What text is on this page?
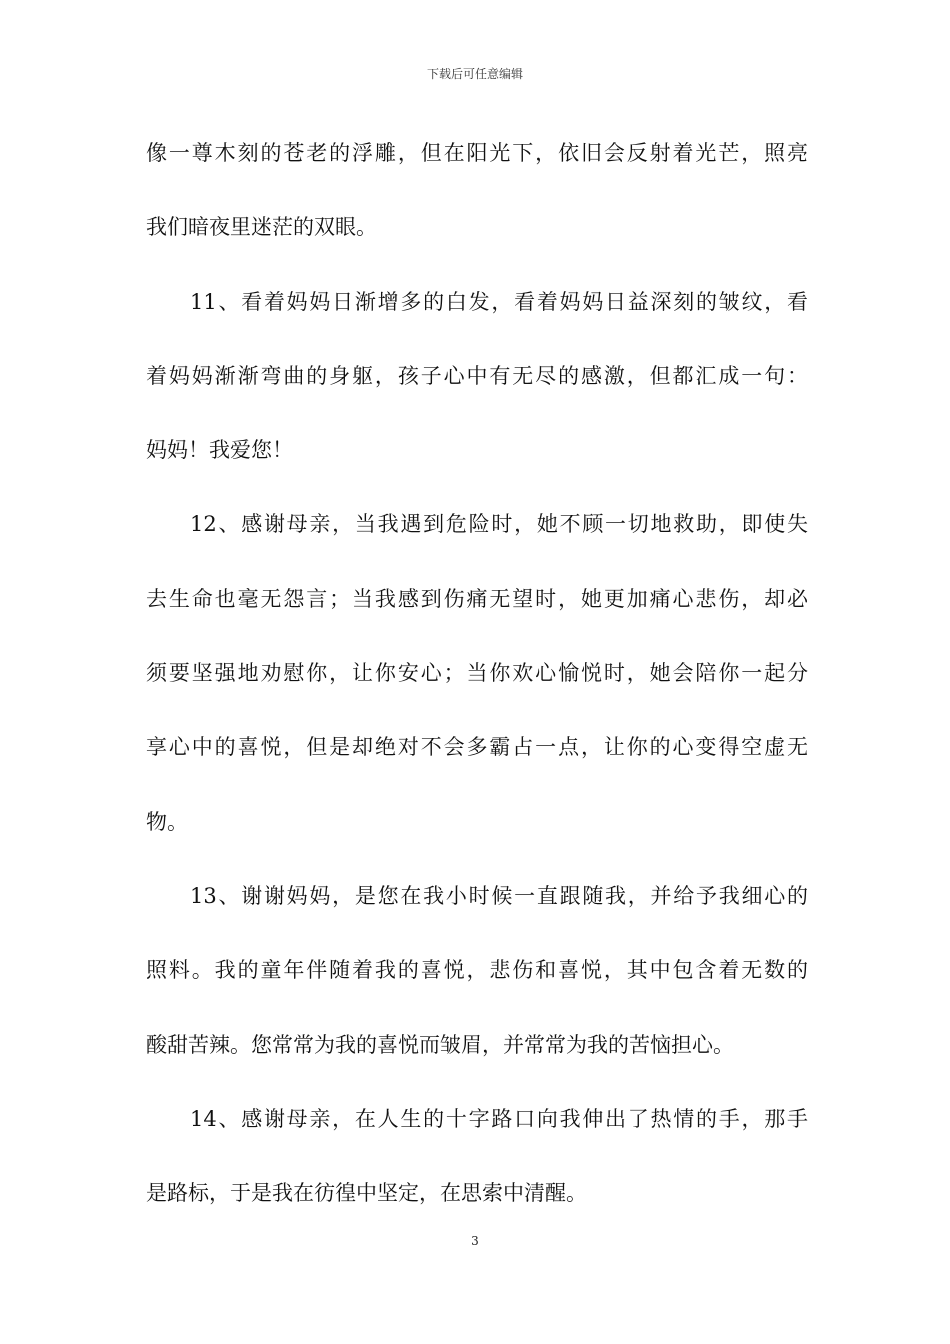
下载后可任意编辑
像一尊木刻的苍老的浮雕，但在阳光下，依旧会反射着光芒，照亮
我们暗夜里迷茫的双眼。
11、看着妈妈日渐增多的白发，看着妈妈日益深刻的皱纹，看
着妈妈渐渐弯曲的身躯，孩子心中有无尽的感激，但都汇成一句：
妈妈！我爱您！
12、感谢母亲，当我遇到危险时，她不顾一切地救助，即使失
去生命也毫无怨言；当我感到伤痛无望时，她更加痛心悲伤，却必
须要坚强地劝慰你，让你安心；当你欢心愉悦时，她会陪你一起分
享心中的喜悦，但是却绝对不会多霸占一点，让你的心变得空虚无
物。
13、谢谢妈妈，是您在我小时候一直跟随我，并给予我细心的
照料。我的童年伴随着我的喜悦，悲伤和喜悦，其中包含着无数的
酸甜苦辣。您常常为我的喜悦而皱眉，并常常为我的苦恼担心。
14、感谢母亲，在人生的十字路口向我伸出了热情的手，那手
是路标，于是我在彷徨中坚定，在思索中清醒。
3
